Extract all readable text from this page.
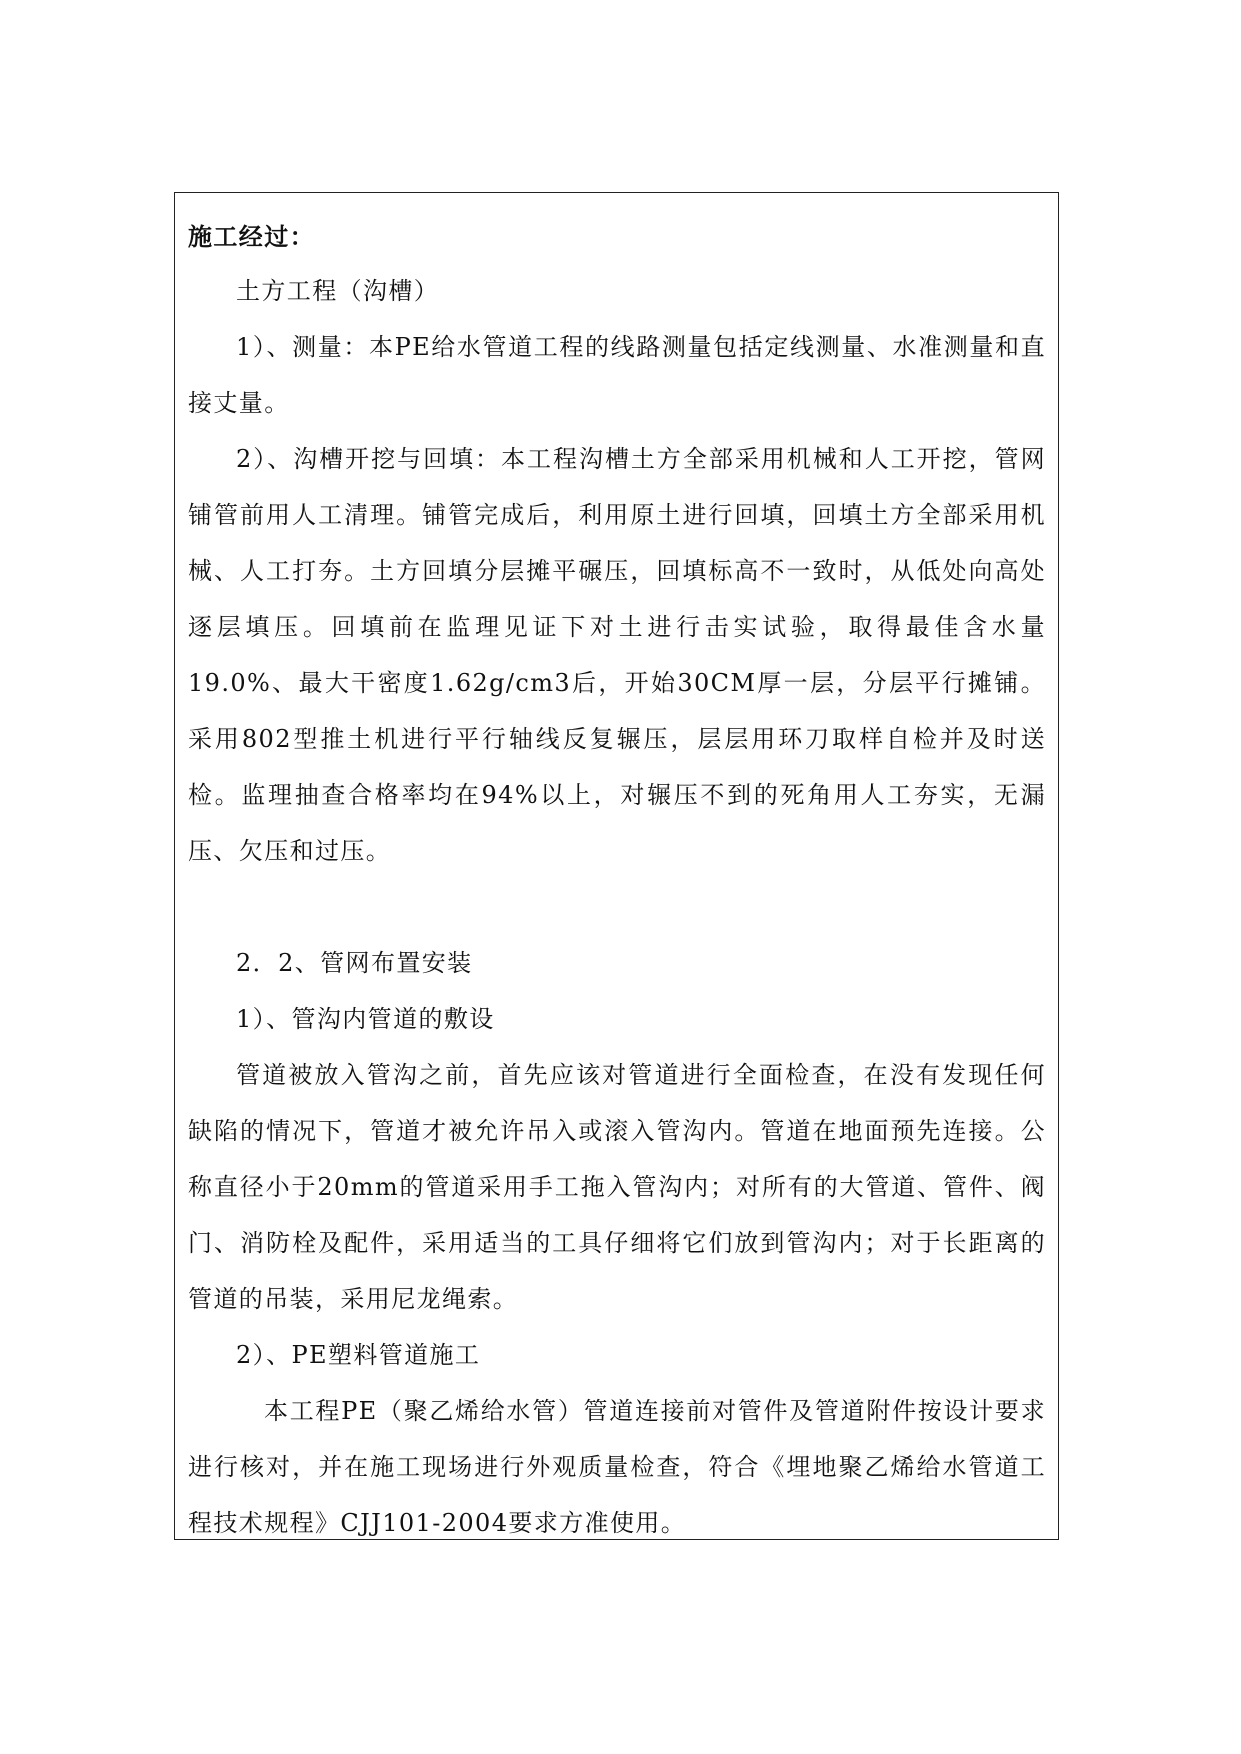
施工经过：

土方工程（沟槽）

1）、测量：本PE给水管道工程的线路测量包括定线测量、水准测量和直接丈量。

2）、沟槽开挖与回填：本工程沟槽土方全部采用机械和人工开挖，管网铺管前用人工清理。铺管完成后，利用原土进行回填，回填土方全部采用机械、人工打夯。土方回填分层摊平碾压，回填标高不一致时，从低处向高处逐层填压。回填前在监理见证下对土进行击实试验，取得最佳含水量19.0%、最大干密度1.62g/cm3后，开始30CM厚一层，分层平行摊铺。采用802型推土机进行平行轴线反复辗压，层层用环刀取样自检并及时送检。监理抽查合格率均在94%以上，对辗压不到的死角用人工夯实，无漏压、欠压和过压。

2．2、管网布置安装

1）、管沟内管道的敷设

管道被放入管沟之前，首先应该对管道进行全面检查，在没有发现任何缺陷的情况下，管道才被允许吊入或滚入管沟内。管道在地面预先连接。公称直径小于20mm的管道采用手工拖入管沟内；对所有的大管道、管件、阀门、消防栓及配件，采用适当的工具仔细将它们放到管沟内；对于长距离的管道的吊装，采用尼龙绳索。

2）、PE塑料管道施工

本工程PE（聚乙烯给水管）管道连接前对管件及管道附件按设计要求进行核对，并在施工现场进行外观质量检查，符合《埋地聚乙烯给水管道工程技术规程》CJJ101-2004要求方准使用。
